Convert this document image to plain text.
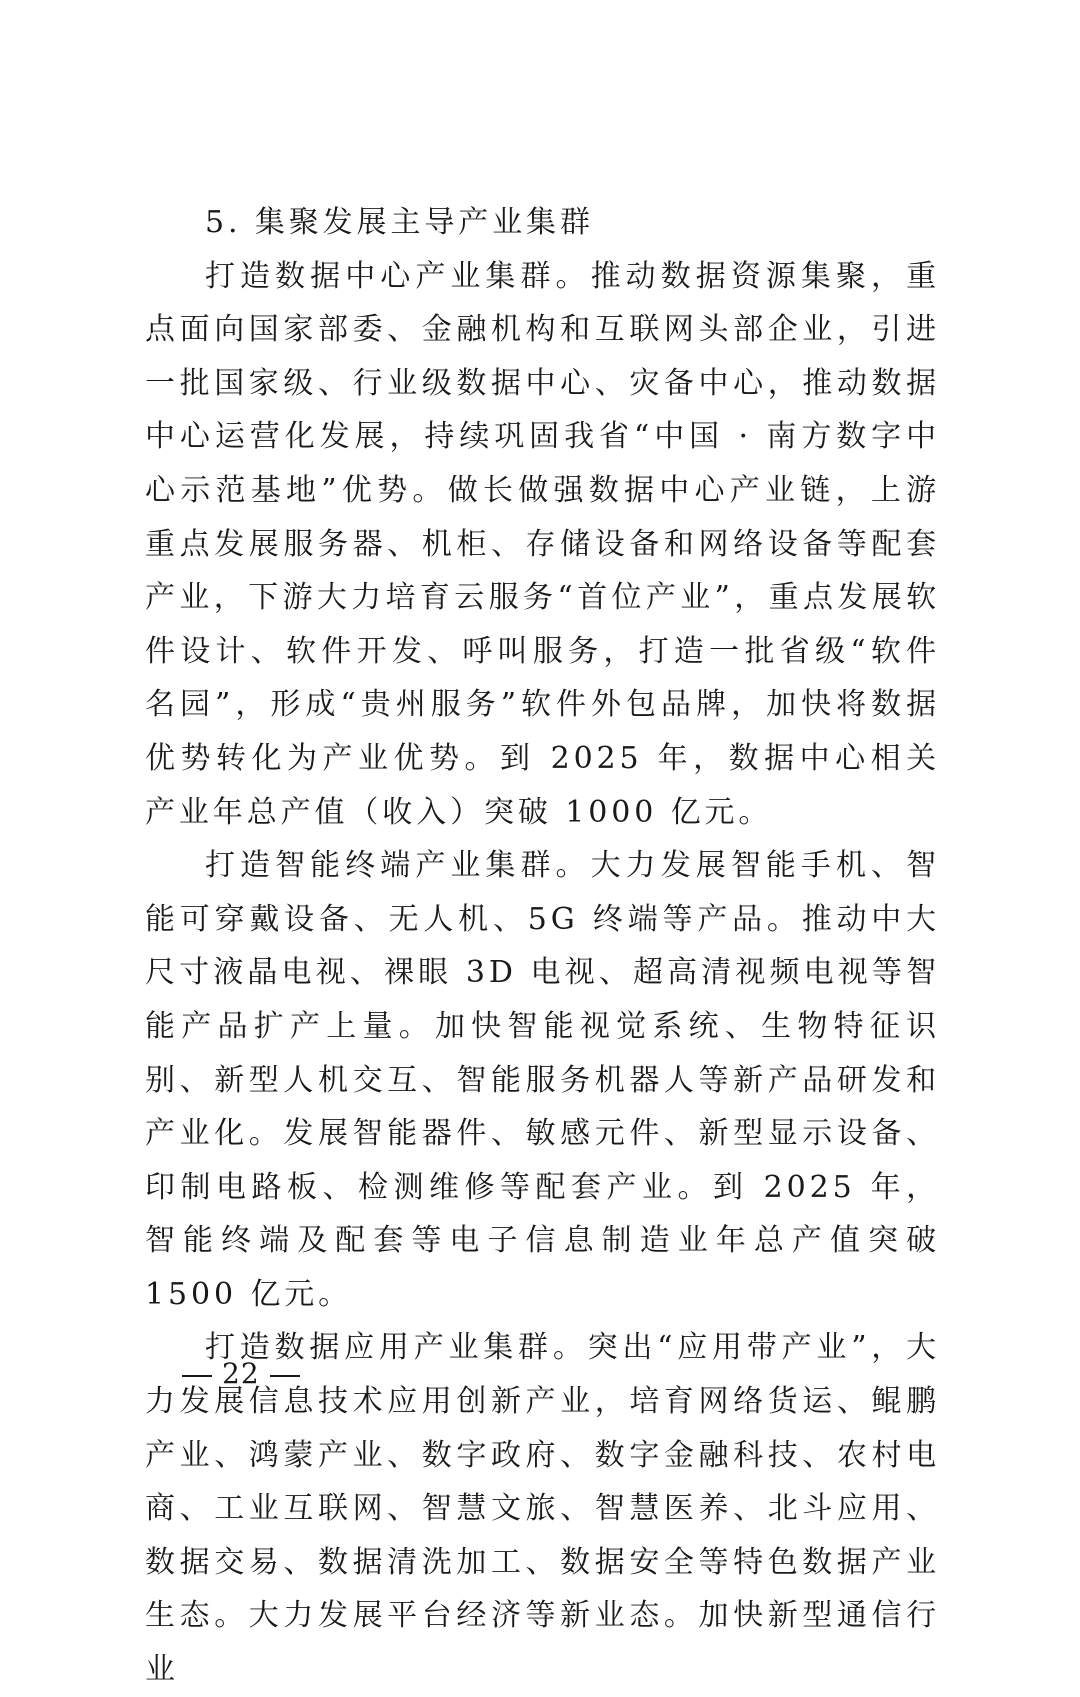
5. 集聚发展主导产业集群

打造数据中心产业集群。推动数据资源集聚，重点面向国家部委、金融机构和互联网头部企业，引进一批国家级、行业级数据中心、灾备中心，推动数据中心运营化发展，持续巩固我省“中国 · 南方数字中心示范基地”优势。做长做强数据中心产业链，上游重点发展服务器、机柜、存储设备和网络设备等配套产业，下游大力培育云服务“首位产业”，重点发展软件设计、软件开发、呼叫服务，打造一批省级“软件名园”，形成“贵州服务”软件外包品牌，加快将数据优势转化为产业优势。到 2025 年，数据中心相关产业年总产值（收入）突破 1000 亿元。

打造智能终端产业集群。大力发展智能手机、智能可穿戴设备、无人机、5G 终端等产品。推动中大尺寸液晶电视、裸眼 3D 电视、超高清视频电视等智能产品扩产上量。加快智能视觉系统、生物特征识别、新型人机交互、智能服务机器人等新产品研发和产业化。发展智能器件、敏感元件、新型显示设备、印制电路板、检测维修等配套产业。到 2025 年，智能终端及配套等电子信息制造业年总产值突破 1500 亿元。

打造数据应用产业集群。突出“应用带产业”，大力发展信息技术应用创新产业，培育网络货运、鲲鹏产业、鸿蒙产业、数字政府、数字金融科技、农村电商、工业互联网、智慧文旅、智慧医养、北斗应用、数据交易、数据清洗加工、数据安全等特色数据产业生态。大力发展平台经济等新业态。加快新型通信行业

22
